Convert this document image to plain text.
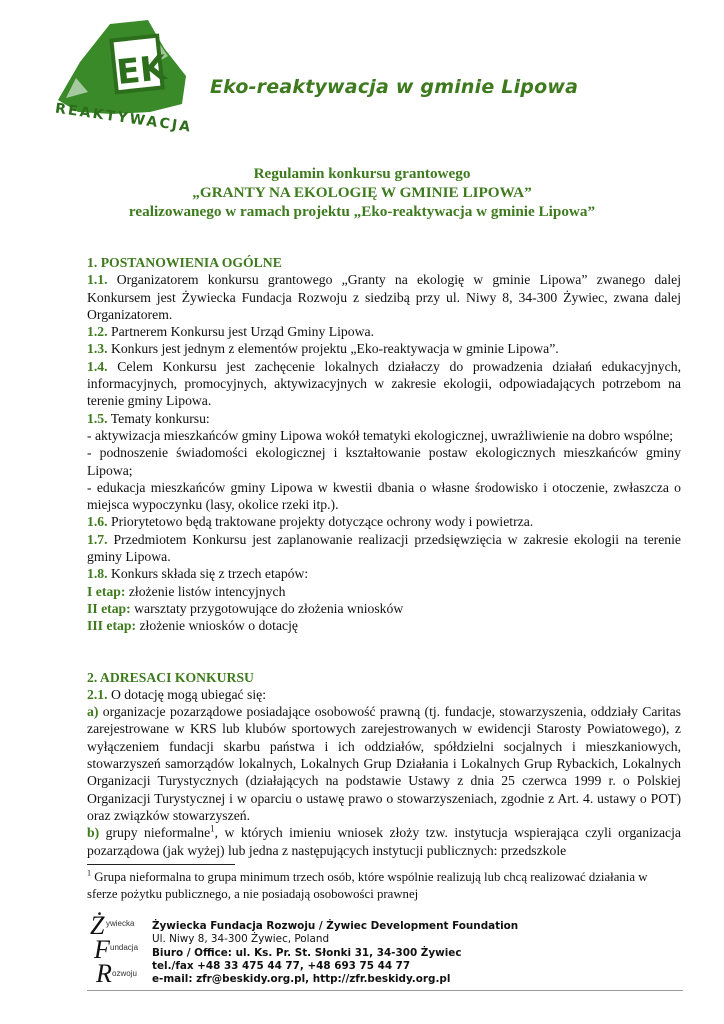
EK
REAKTYWACJA
Eko-reaktywacja w gminie Lipowa
Regulamin konkursu grantowego
„GRANTY NA EKOLOGIĘ W GMINIE LIPOWA”
realizowanego w ramach projektu „Eko-reaktywacja w gminie Lipowa”

1. POSTANOWIENIA OGÓLNE

1.1. Organizatorem konkursu grantowego „Granty na ekologię w gminie Lipowa” zwanego dalej Konkursem jest Żywiecka Fundacja Rozwoju z siedzibą przy ul. Niwy 8, 34-300 Żywiec, zwana dalej Organizatorem.

1.2. Partnerem Konkursu jest Urząd Gminy Lipowa.

1.3. Konkurs jest jednym z elementów projektu „Eko-reaktywacja w gminie Lipowa”.

1.4. Celem Konkursu jest zachęcenie lokalnych działaczy do prowadzenia działań edukacyjnych, informacyjnych, promocyjnych, aktywizacyjnych w zakresie ekologii, odpowiadających potrzebom na terenie gminy Lipowa.

1.5. Tematy konkursu:

- aktywizacja mieszkańców gminy Lipowa wokół tematyki ekologicznej, uwrażliwienie na dobro wspólne;

- podnoszenie świadomości ekologicznej i kształtowanie postaw ekologicznych mieszkańców gminy Lipowa;

- edukacja mieszkańców gminy Lipowa w kwestii dbania o własne środowisko i otoczenie, zwłaszcza o miejsca wypoczynku (lasy, okolice rzeki itp.).

1.6. Priorytetowo będą traktowane projekty dotyczące ochrony wody i powietrza.

1.7. Przedmiotem Konkursu jest zaplanowanie realizacji przedsięwzięcia w zakresie ekologii na terenie gminy Lipowa.

1.8. Konkurs składa się z trzech etapów:

I etap: złożenie listów intencyjnych

II etap: warsztaty przygotowujące do złożenia wniosków

III etap: złożenie wniosków o dotację

2. ADRESACI KONKURSU

2.1. O dotację mogą ubiegać się:

a) organizacje pozarządowe posiadające osobowość prawną (tj. fundacje, stowarzyszenia, oddziały Caritas zarejestrowane w KRS lub klubów sportowych zarejestrowanych w ewidencji Starosty Powiatowego), z wyłączeniem fundacji skarbu państwa i ich oddziałów, spółdzielni socjalnych i mieszkaniowych, stowarzyszeń samorządów lokalnych, Lokalnych Grup Działania i Lokalnych Grup Rybackich, Lokalnych Organizacji Turystycznych (działających na podstawie Ustawy z dnia 25 czerwca 1999 r. o Polskiej Organizacji Turystycznej i w oparciu o ustawę prawo o stowarzyszeniach, zgodnie z Art. 4. ustawy o POT) oraz związków stowarzyszeń.

b) grupy nieformalne$^1$, w których imieniu wniosek złoży tzw. instytucja wspierająca czyli organizacja pozarządowa (jak wyżej) lub jedna z następujących instytucji publicznych: przedszkole

$^1$ Grupa nieformalna to grupa minimum trzech osób, które wspólnie realizują lub chcą realizować działania w sferze pożytku publicznego, a nie posiadają osobowości prawnej
Ż ywiecka
F undacja
R ozwoju
Żywiecka Fundacja Rozwoju / Żywiec Development Foundation
Ul. Niwy 8, 34-300 Żywiec, Poland
Biuro / Office: ul. Ks. Pr. St. Słonki 31, 34-300 Żywiec
tel./fax +48 33 475 44 77, +48 693 75 44 77
e-mail: zfr@beskidy.org.pl, http://zfr.beskidy.org.pl
